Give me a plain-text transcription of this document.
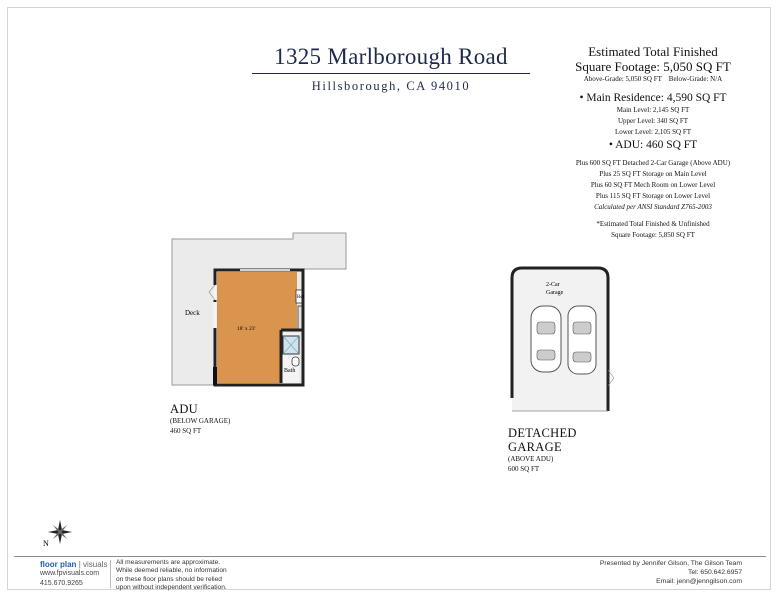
1325 Marlborough Road
Hillsborough, CA 94010
Estimated Total Finished
Square Footage: 5,050 SQ FT
Above-Grade: 5,050 SQ FT    Below-Grade: N/A
• Main Residence: 4,590 SQ FT
Main Level: 2,145 SQ FT
Upper Level: 340 SQ FT
Lower Level: 2,105 SQ FT
• ADU: 460 SQ FT
Plus 600 SQ FT Detached 2-Car Garage (Above ADU)
Plus 25 SQ FT Storage on Main Level
Plus 60 SQ FT Mech Room on Lower Level
Plus 115 SQ FT Storage on Lower Level
Calculated per ANSI Standard Z765-2003
*Estimated Total Finished & Unfinished
Square Footage: 5,850 SQ FT
Deck
18' x 23'
Ref
Bath
2-Car
Garage
N
ADU
(BELOW GARAGE)
460 SQ FT	DETACHED
GARAGE
(ABOVE ADU)
600 SQ FT
floor plan | visuals
www.fpvisuals.com
415.670.9265
All measurements are approximate.
While deemed reliable, no information
on these floor plans should be relied
upon without independent verification.
Presented by Jennifer Gilson, The Gilson Team
Tel: 650.642.6957
Email: jenn@jenngilson.com
